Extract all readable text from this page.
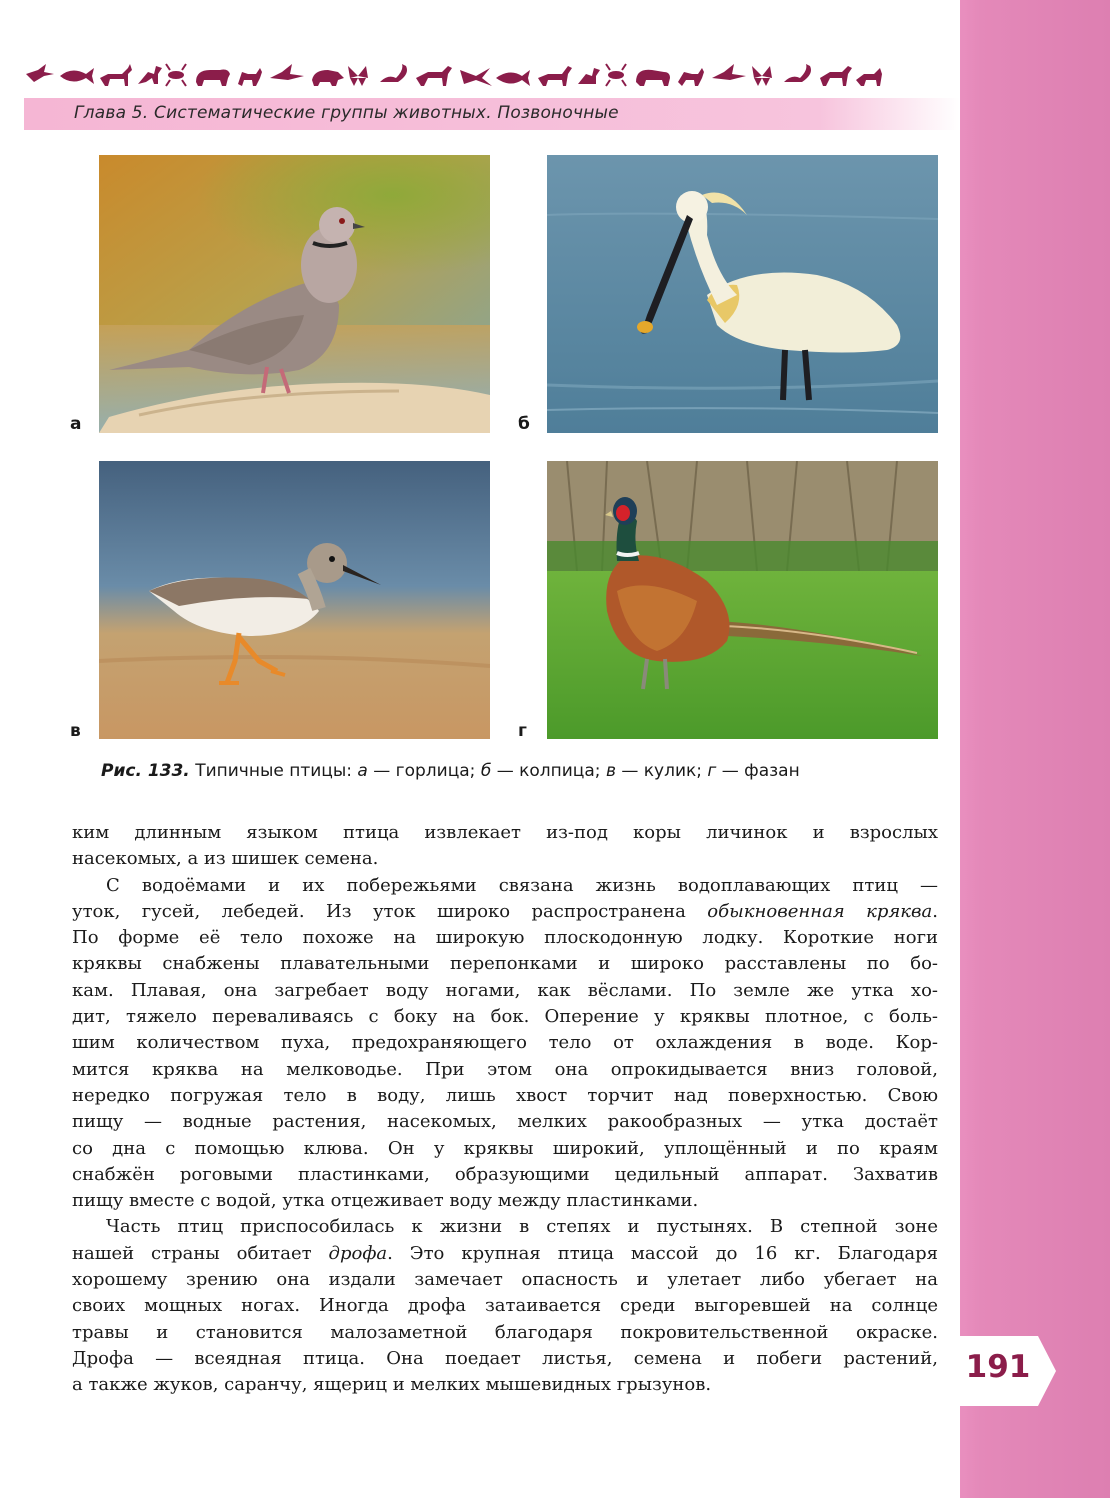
Глава 5. Систематические группы животных. Позвоночные
а	б
в	г
Рис. 133. Типичные птицы: а — горлица; б — колпица; в — кулик; г — фазан

ким длинным языком птица извлекает из-под коры личинок и взрослых
насекомых, а из шишек семена.

С водоёмами и их побережьями связана жизнь водоплавающих птиц —
уток, гусей, лебедей. Из уток широко распространена обыкновенная кряква.
По форме её тело похоже на широкую плоскодонную лодку. Короткие ноги
кряквы снабжены плавательными перепонками и широко расставлены по бо-
кам. Плавая, она загребает воду ногами, как вёслами. По земле же утка хо-
дит, тяжело переваливаясь с боку на бок. Оперение у кряквы плотное, с боль-
шим количеством пуха, предохраняющего тело от охлаждения в воде. Кор-
мится кряква на мелководье. При этом она опрокидывается вниз головой,
нередко погружая тело в воду, лишь хвост торчит над поверхностью. Свою
пищу — водные растения, насекомых, мелких ракообразных — утка достаёт
со дна с помощью клюва. Он у кряквы широкий, уплощённый и по краям
снабжён роговыми пластинками, образующими цедильный аппарат. Захватив
пищу вместе с водой, утка отцеживает воду между пластинками.

Часть птиц приспособилась к жизни в степях и пустынях. В степной зоне
нашей страны обитает дрофа. Это крупная птица массой до 16 кг. Благодаря
хорошему зрению она издали замечает опасность и улетает либо убегает на
своих мощных ногах. Иногда дрофа затаивается среди выгоревшей на солнце
травы и становится малозаметной благодаря покровительственной окраске.
Дрофа — всеядная птица. Она поедает листья, семена и побеги растений,
а также жуков, саранчу, ящериц и мелких мышевидных грызунов.	191
